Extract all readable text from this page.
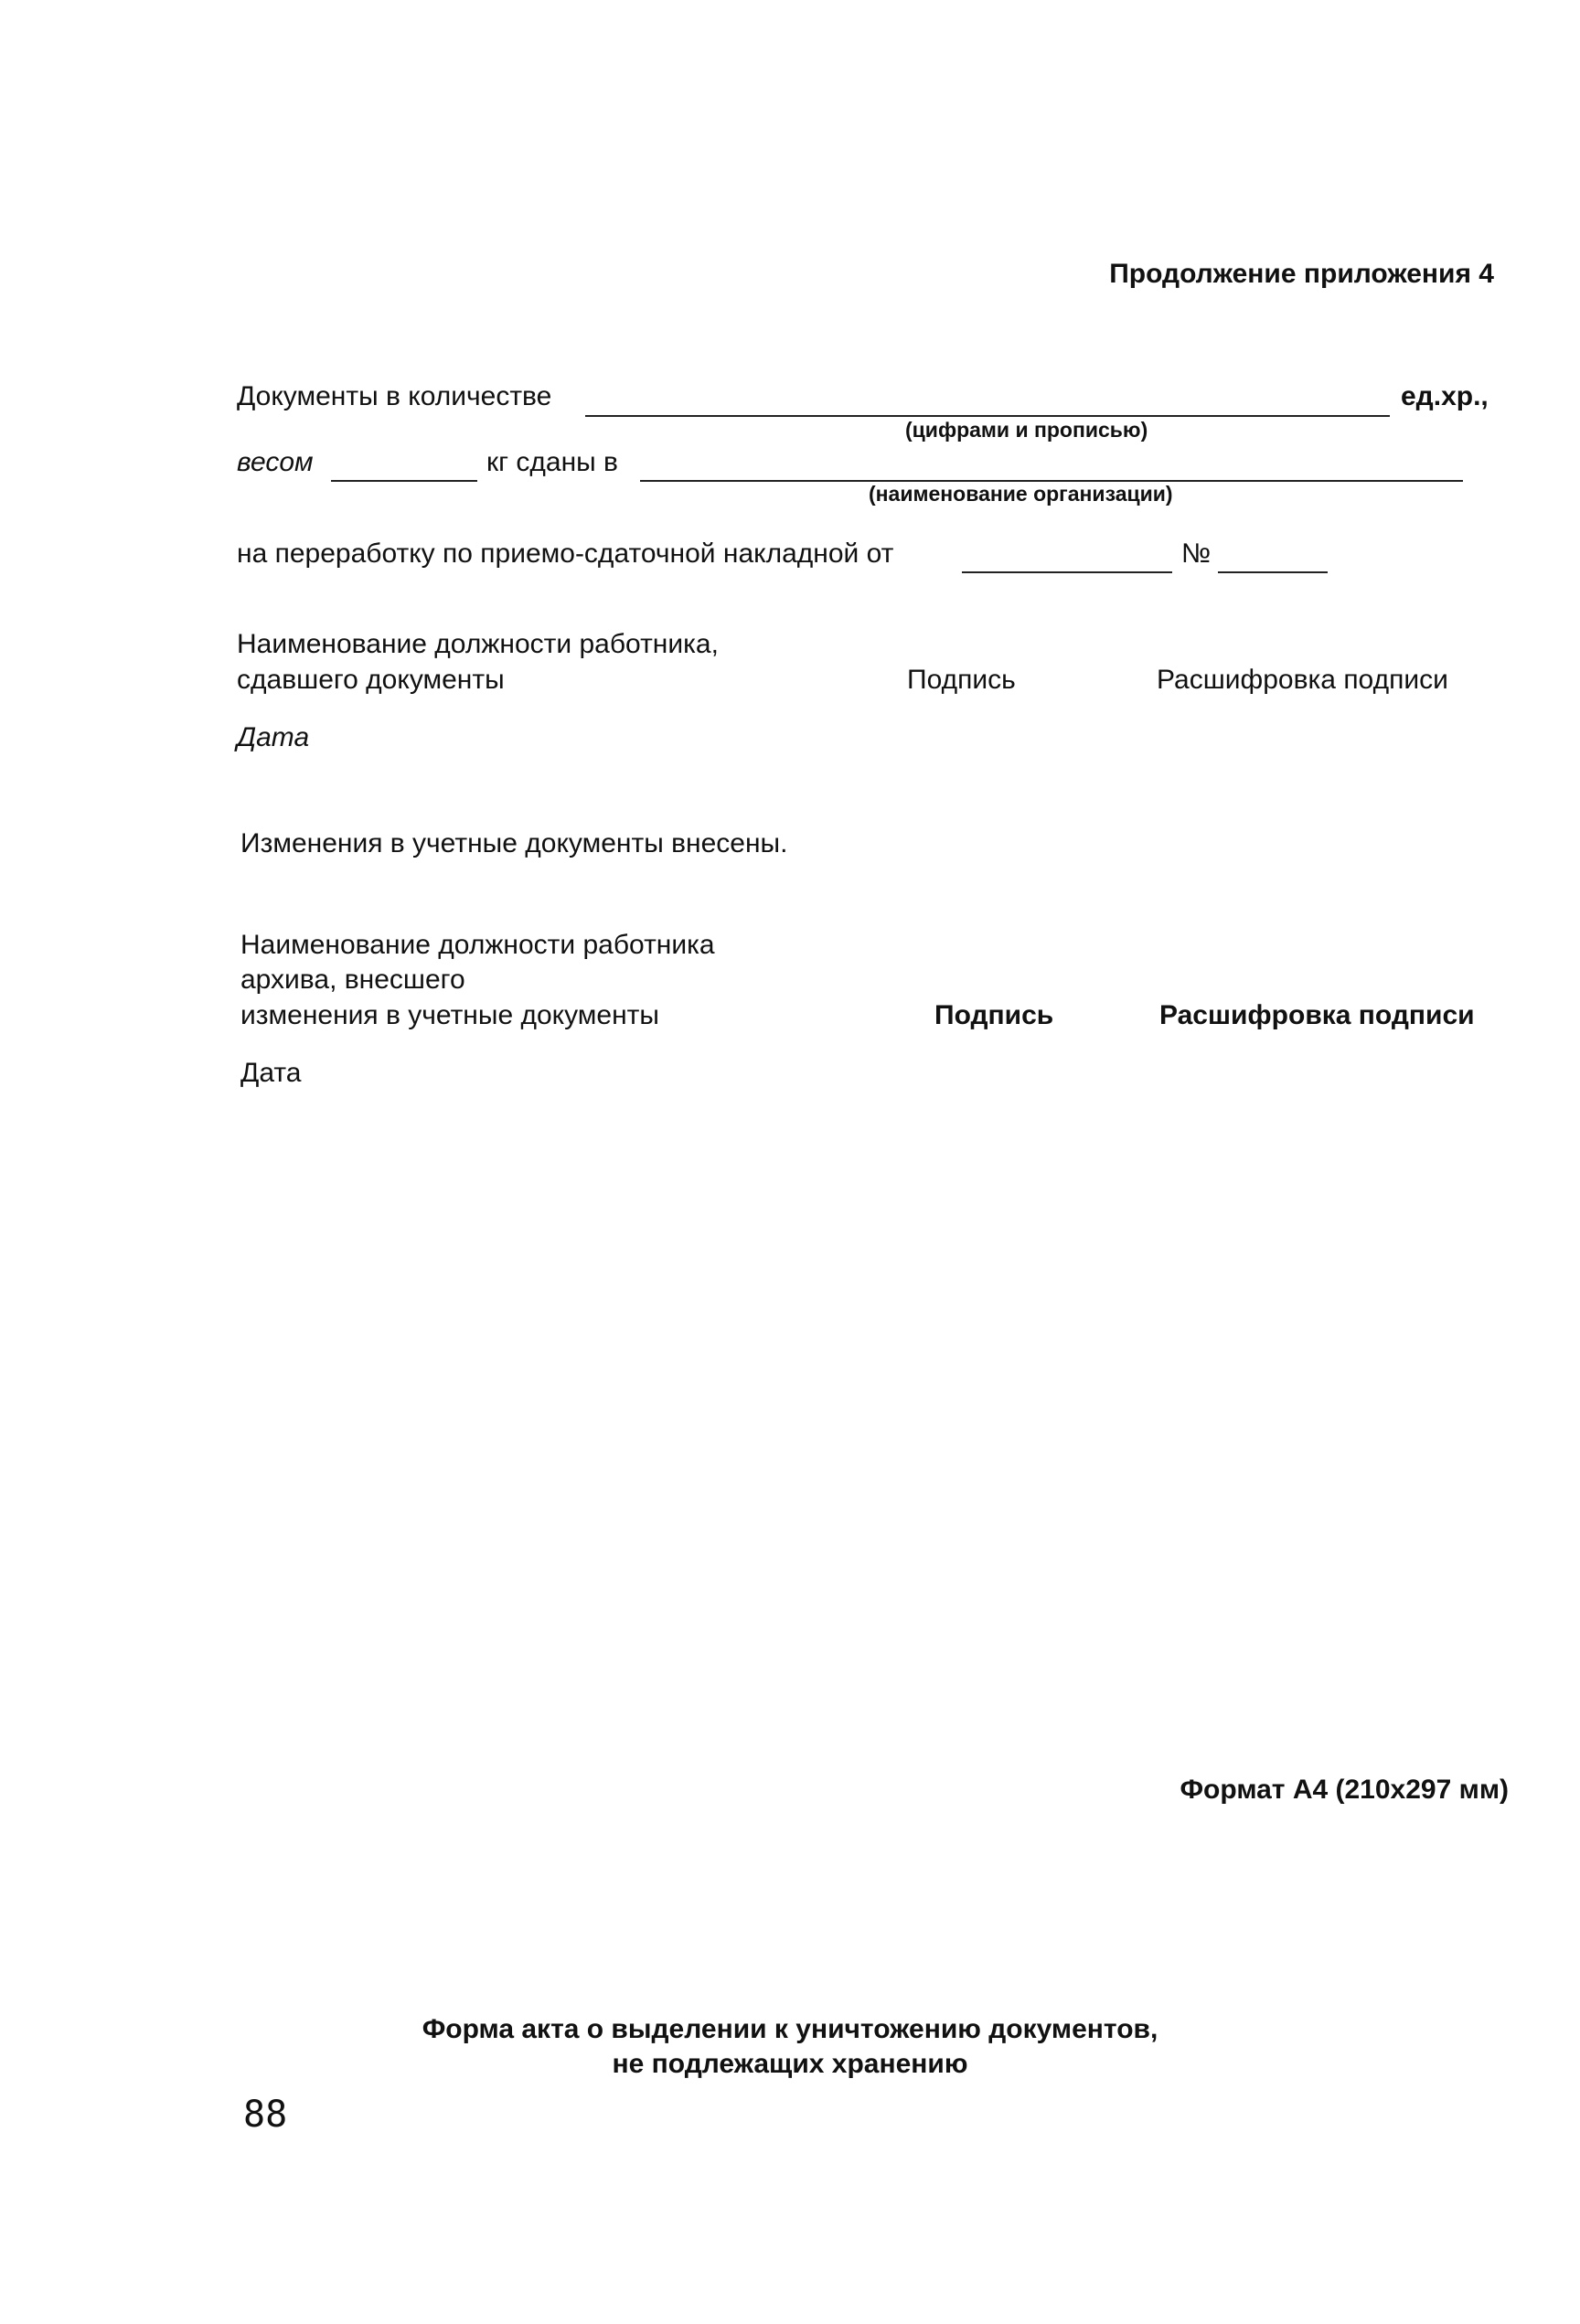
Продолжение приложения 4
Документы в количестве	ед.хр.,
(цифрами и прописью)
весом	кг сданы в
(наименование организации)
на переработку по приемо-сдаточной накладной от	№
Наименование должности работника,
сдавшего документы	Подпись	Расшифровка подписи
Дата
Изменения в учетные документы внесены.
Наименование должности работника
архива, внесшего
изменения в учетные документы	Подпись	Расшифровка подписи
Дата
Формат А4 (210х297 мм)
Форма акта о выделении к уничтожению документов,
не подлежащих хранению
88
